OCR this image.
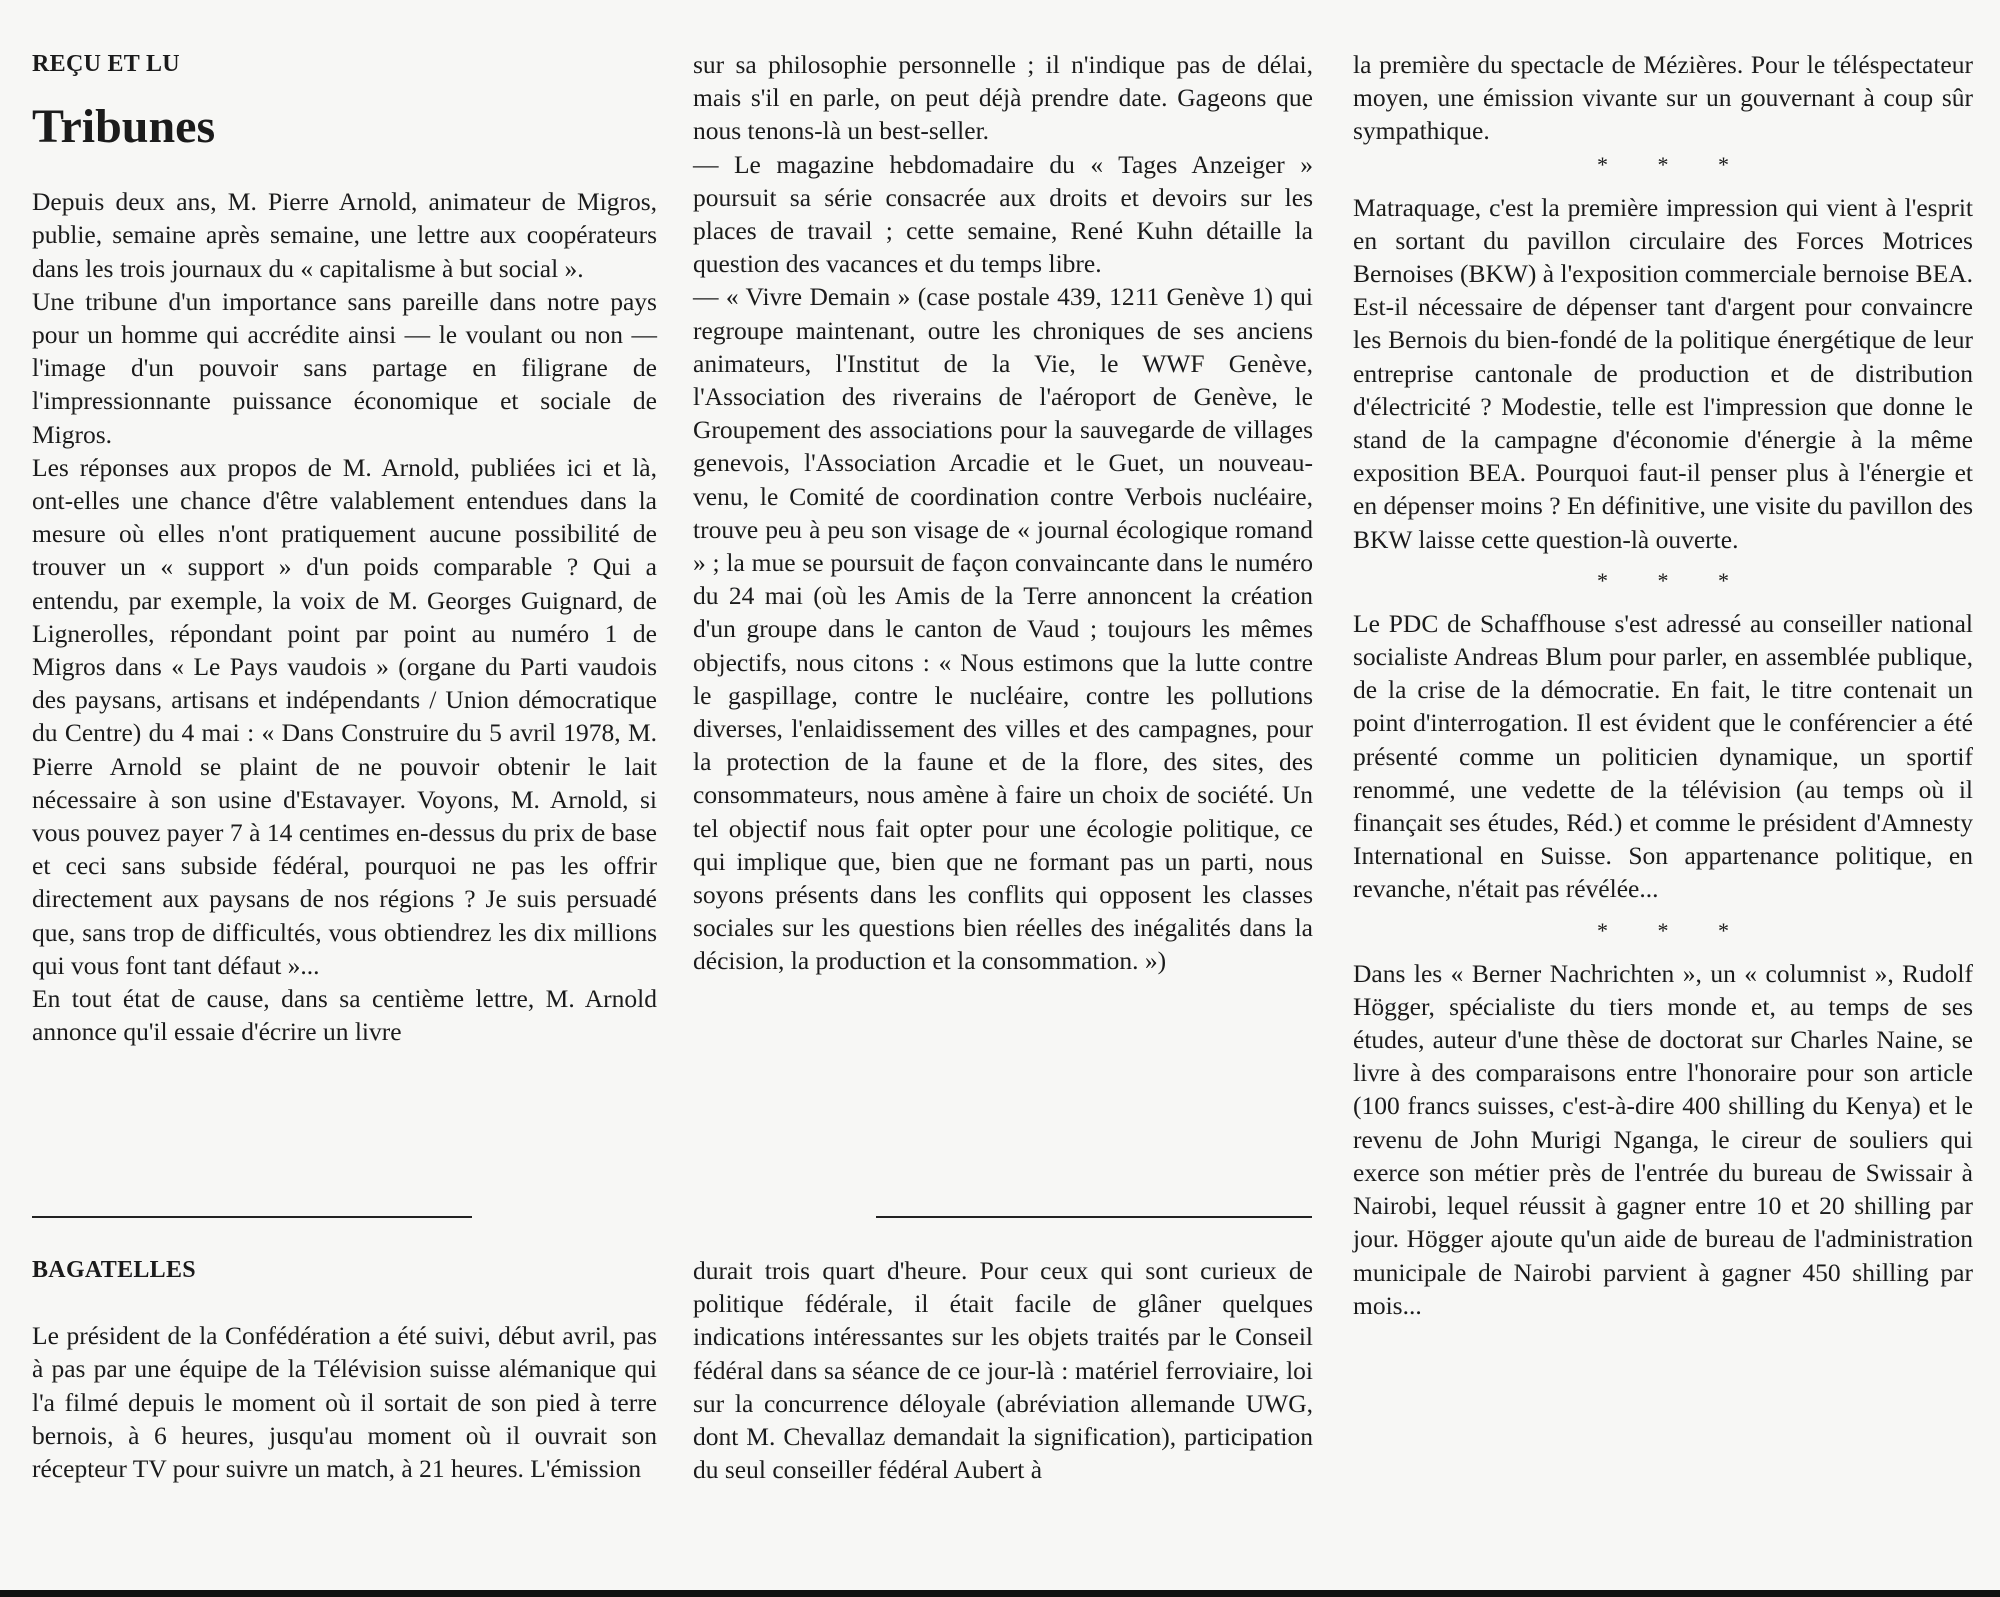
REÇU ET LU
Tribunes

Depuis deux ans, M. Pierre Arnold, animateur de Migros, publie, semaine après semaine, une lettre aux coopérateurs dans les trois journaux du « capitalisme à but social ».

Une tribune d'un importance sans pareille dans notre pays pour un homme qui accrédite ainsi — le voulant ou non — l'image d'un pouvoir sans partage en filigrane de l'impressionnante puissance économique et sociale de Migros.

Les réponses aux propos de M. Arnold, publiées ici et là, ont-elles une chance d'être valablement entendues dans la mesure où elles n'ont pratiquement aucune possibilité de trouver un « support » d'un poids comparable ? Qui a entendu, par exemple, la voix de M. Georges Guignard, de Lignerolles, répondant point par point au numéro 1 de Migros dans « Le Pays vaudois » (organe du Parti vaudois des paysans, artisans et indépendants / Union démocratique du Centre) du 4 mai : « Dans Construire du 5 avril 1978, M. Pierre Arnold se plaint de ne pouvoir obtenir le lait nécessaire à son usine d'Estavayer. Voyons, M. Arnold, si vous pouvez payer 7 à 14 centimes en-dessus du prix de base et ceci sans subside fédéral, pourquoi ne pas les offrir directement aux paysans de nos régions ? Je suis persuadé que, sans trop de difficultés, vous obtiendrez les dix millions qui vous font tant défaut »...

En tout état de cause, dans sa centième lettre, M. Arnold annonce qu'il essaie d'écrire un livre

sur sa philosophie personnelle ; il n'indique pas de délai, mais s'il en parle, on peut déjà prendre date. Gageons que nous tenons-là un best-seller.

— Le magazine hebdomadaire du « Tages Anzeiger » poursuit sa série consacrée aux droits et devoirs sur les places de travail ; cette semaine, René Kuhn détaille la question des vacances et du temps libre.

— « Vivre Demain » (case postale 439, 1211 Genève 1) qui regroupe maintenant, outre les chroniques de ses anciens animateurs, l'Institut de la Vie, le WWF Genève, l'Association des riverains de l'aéroport de Genève, le Groupement des associations pour la sauvegarde de villages genevois, l'Association Arcadie et le Guet, un nouveau-venu, le Comité de coordination contre Verbois nucléaire, trouve peu à peu son visage de « journal écologique romand » ; la mue se poursuit de façon convaincante dans le numéro du 24 mai (où les Amis de la Terre annoncent la création d'un groupe dans le canton de Vaud ; toujours les mêmes objectifs, nous citons : « Nous estimons que la lutte contre le gaspillage, contre le nucléaire, contre les pollutions diverses, l'enlaidissement des villes et des campagnes, pour la protection de la faune et de la flore, des sites, des consommateurs, nous amène à faire un choix de société. Un tel objectif nous fait opter pour une écologie politique, ce qui implique que, bien que ne formant pas un parti, nous soyons présents dans les conflits qui opposent les classes sociales sur les questions bien réelles des inégalités dans la décision, la production et la consommation. »)

BAGATELLES

Le président de la Confédération a été suivi, début avril, pas à pas par une équipe de la Télévision suisse alémanique qui l'a filmé depuis le moment où il sortait de son pied à terre bernois, à 6 heures, jusqu'au moment où il ouvrait son récepteur TV pour suivre un match, à 21 heures. L'émission

durait trois quart d'heure. Pour ceux qui sont curieux de politique fédérale, il était facile de glâner quelques indications intéressantes sur les objets traités par le Conseil fédéral dans sa séance de ce jour-là : matériel ferroviaire, loi sur la concurrence déloyale (abréviation allemande UWG, dont M. Chevallaz demandait la signification), participation du seul conseiller fédéral Aubert à

la première du spectacle de Mézières. Pour le téléspectateur moyen, une émission vivante sur un gouvernant à coup sûr sympathique.

* * *

Matraquage, c'est la première impression qui vient à l'esprit en sortant du pavillon circulaire des Forces Motrices Bernoises (BKW) à l'exposition commerciale bernoise BEA. Est-il nécessaire de dépenser tant d'argent pour convaincre les Bernois du bien-fondé de la politique énergétique de leur entreprise cantonale de production et de distribution d'électricité ? Modestie, telle est l'impression que donne le stand de la campagne d'économie d'énergie à la même exposition BEA. Pourquoi faut-il penser plus à l'énergie et en dépenser moins ? En définitive, une visite du pavillon des BKW laisse cette question-là ouverte.

* * *

Le PDC de Schaffhouse s'est adressé au conseiller national socialiste Andreas Blum pour parler, en assemblée publique, de la crise de la démocratie. En fait, le titre contenait un point d'interrogation. Il est évident que le conférencier a été présenté comme un politicien dynamique, un sportif renommé, une vedette de la télévision (au temps où il finançait ses études, Réd.) et comme le président d'Amnesty International en Suisse. Son appartenance politique, en revanche, n'était pas révélée...

* * *

Dans les « Berner Nachrichten », un « columnist », Rudolf Högger, spécialiste du tiers monde et, au temps de ses études, auteur d'une thèse de doctorat sur Charles Naine, se livre à des comparaisons entre l'honoraire pour son article (100 francs suisses, c'est-à-dire 400 shilling du Kenya) et le revenu de John Murigi Nganga, le cireur de souliers qui exerce son métier près de l'entrée du bureau de Swissair à Nairobi, lequel réussit à gagner entre 10 et 20 shilling par jour. Högger ajoute qu'un aide de bureau de l'administration municipale de Nairobi parvient à gagner 450 shilling par mois...
